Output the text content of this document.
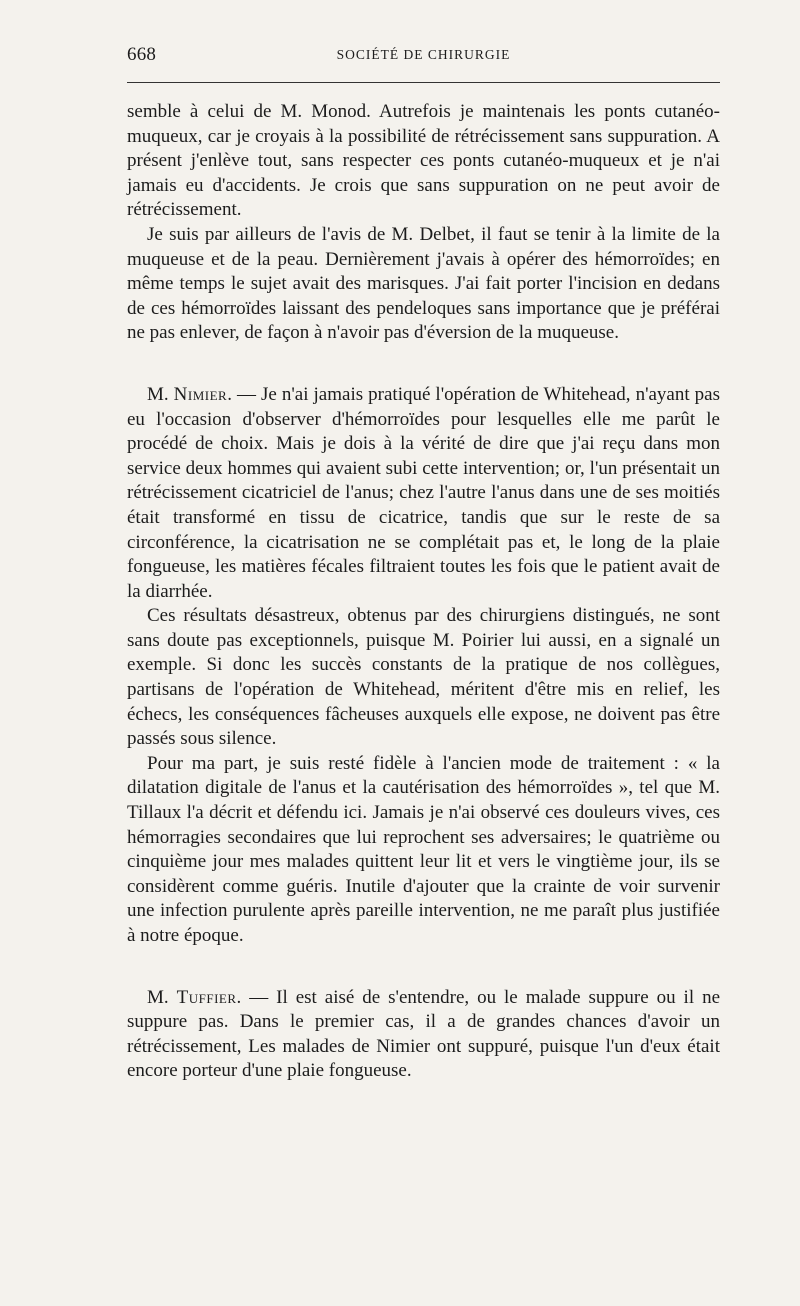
668	SOCIÉTÉ DE CHIRURGIE

semble à celui de M. Monod. Autrefois je maintenais les ponts cutanéo-muqueux, car je croyais à la possibilité de rétrécissement sans suppuration. A présent j'enlève tout, sans respecter ces ponts cutanéo-muqueux et je n'ai jamais eu d'accidents. Je crois que sans suppuration on ne peut avoir de rétrécissement.

Je suis par ailleurs de l'avis de M. Delbet, il faut se tenir à la limite de la muqueuse et de la peau. Dernièrement j'avais à opérer des hémorroïdes; en même temps le sujet avait des marisques. J'ai fait porter l'incision en dedans de ces hémorroïdes laissant des pendeloques sans importance que je préférai ne pas enlever, de façon à n'avoir pas d'éversion de la muqueuse.

M. Nimier. — Je n'ai jamais pratiqué l'opération de Whitehead, n'ayant pas eu l'occasion d'observer d'hémorroïdes pour lesquelles elle me parût le procédé de choix. Mais je dois à la vérité de dire que j'ai reçu dans mon service deux hommes qui avaient subi cette intervention; or, l'un présentait un rétrécissement cicatriciel de l'anus; chez l'autre l'anus dans une de ses moitiés était transformé en tissu de cicatrice, tandis que sur le reste de sa circonférence, la cicatrisation ne se complétait pas et, le long de la plaie fongueuse, les matières fécales filtraient toutes les fois que le patient avait de la diarrhée.

Ces résultats désastreux, obtenus par des chirurgiens distingués, ne sont sans doute pas exceptionnels, puisque M. Poirier lui aussi, en a signalé un exemple. Si donc les succès constants de la pratique de nos collègues, partisans de l'opération de Whitehead, méritent d'être mis en relief, les échecs, les conséquences fâcheuses auxquels elle expose, ne doivent pas être passés sous silence.

Pour ma part, je suis resté fidèle à l'ancien mode de traitement : « la dilatation digitale de l'anus et la cautérisation des hémorroïdes », tel que M. Tillaux l'a décrit et défendu ici. Jamais je n'ai observé ces douleurs vives, ces hémorragies secondaires que lui reprochent ses adversaires; le quatrième ou cinquième jour mes malades quittent leur lit et vers le vingtième jour, ils se considèrent comme guéris. Inutile d'ajouter que la crainte de voir survenir une infection purulente après pareille intervention, ne me paraît plus justifiée à notre époque.

M. Tuffier. — Il est aisé de s'entendre, ou le malade suppure ou il ne suppure pas. Dans le premier cas, il a de grandes chances d'avoir un rétrécissement, Les malades de Nimier ont suppuré, puisque l'un d'eux était encore porteur d'une plaie fongueuse.
